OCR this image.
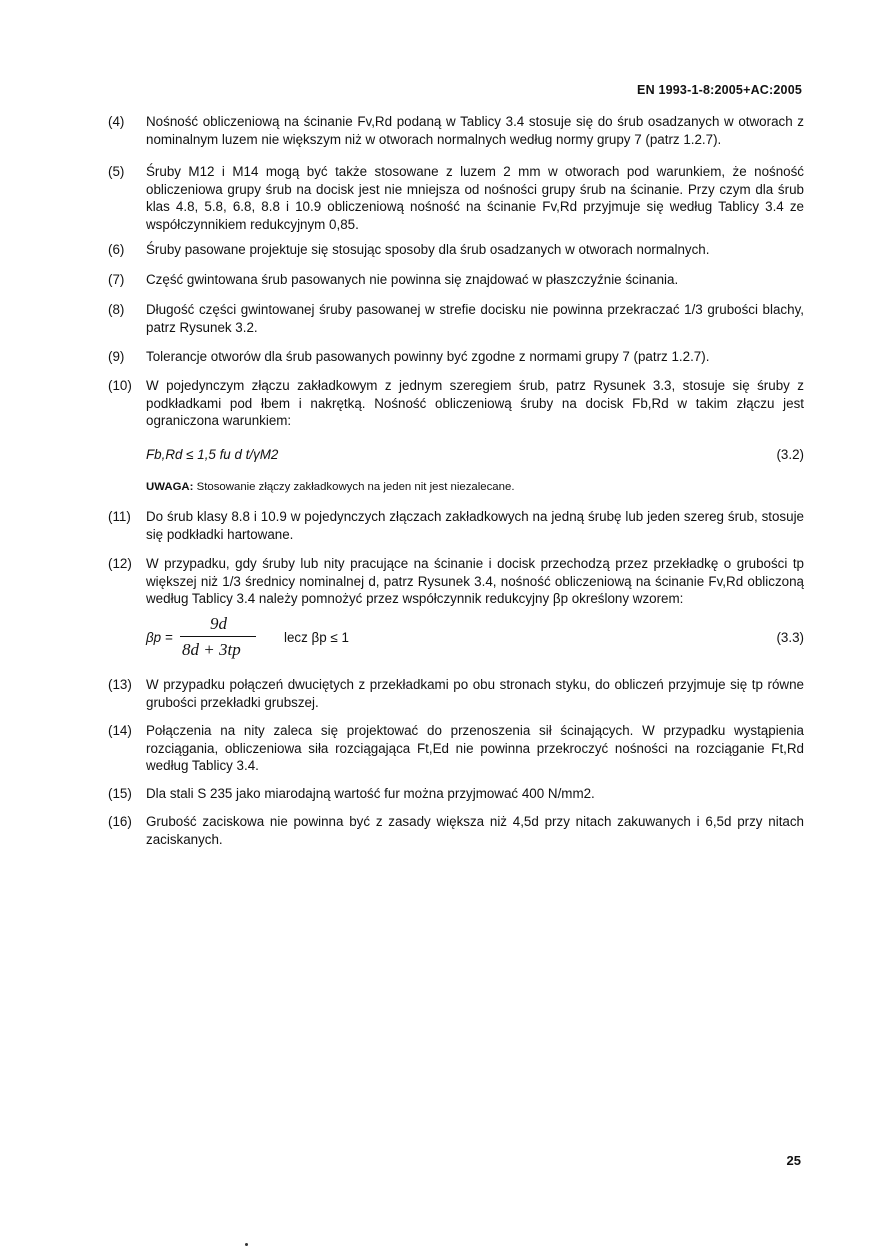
EN 1993-1-8:2005+AC:2005
(4)	Nośność obliczeniową na ścinanie Fv,Rd podaną w Tablicy 3.4 stosuje się do śrub osadzanych w otworach z nominalnym luzem nie większym niż w otworach normalnych według normy grupy 7 (patrz 1.2.7).
(5)	Śruby M12 i M14 mogą być także stosowane z luzem 2 mm w otworach pod warunkiem, że nośność obliczeniowa grupy śrub na docisk jest nie mniejsza od nośności grupy śrub na ścinanie. Przy czym dla śrub klas 4.8, 5.8, 6.8, 8.8 i 10.9 obliczeniową nośność na ścinanie Fv,Rd przyjmuje się według Tablicy 3.4 ze współczynnikiem redukcyjnym 0,85.
(6)	Śruby pasowane projektuje się stosując sposoby dla śrub osadzanych w otworach normalnych.
(7)	Część gwintowana śrub pasowanych nie powinna się znajdować w płaszczyźnie ścinania.
(8)	Długość części gwintowanej śruby pasowanej w strefie docisku nie powinna przekraczać 1/3 grubości blachy, patrz Rysunek 3.2.
(9)	Tolerancje otworów dla śrub pasowanych powinny być zgodne z normami grupy 7 (patrz 1.2.7).
(10)	W pojedynczym złączu zakładkowym z jednym szeregiem śrub, patrz Rysunek 3.3, stosuje się śruby z podkładkami pod łbem i nakrętką. Nośność obliczeniową śruby na docisk Fb,Rd w takim złączu jest ograniczona warunkiem:
Fb,Rd ≤ 1,5 fu d t/γM2	(3.2)
UWAGA: Stosowanie złączy zakładkowych na jeden nit jest niezalecane.
(11)	Do śrub klasy 8.8 i 10.9 w pojedynczych złączach zakładkowych na jedną śrubę lub jeden szereg śrub, stosuje się podkładki hartowane.
(12)	W przypadku, gdy śruby lub nity pracujące na ścinanie i docisk przechodzą przez przekładkę o grubości tp większej niż 1/3 średnicy nominalnej d, patrz Rysunek 3.4, nośność obliczeniową na ścinanie Fv,Rd obliczoną według Tablicy 3.4 należy pomnożyć przez współczynnik redukcyjny βp określony wzorem:
βp =
9d
8d + 3tp
lecz βp ≤ 1	(3.3)
(13)	W przypadku połączeń dwuciętych z przekładkami po obu stronach styku, do obliczeń przyjmuje się tp równe grubości przekładki grubszej.
(14)	Połączenia na nity zaleca się projektować do przenoszenia sił ścinających. W przypadku wystąpienia rozciągania, obliczeniowa siła rozciągająca Ft,Ed nie powinna przekroczyć nośności na rozciąganie Ft,Rd według Tablicy 3.4.
(15)	Dla stali S 235 jako miarodajną wartość fur można przyjmować 400 N/mm2.
(16)	Grubość zaciskowa nie powinna być z zasady większa niż 4,5d przy nitach zakuwanych i 6,5d przy nitach zaciskanych.
25
